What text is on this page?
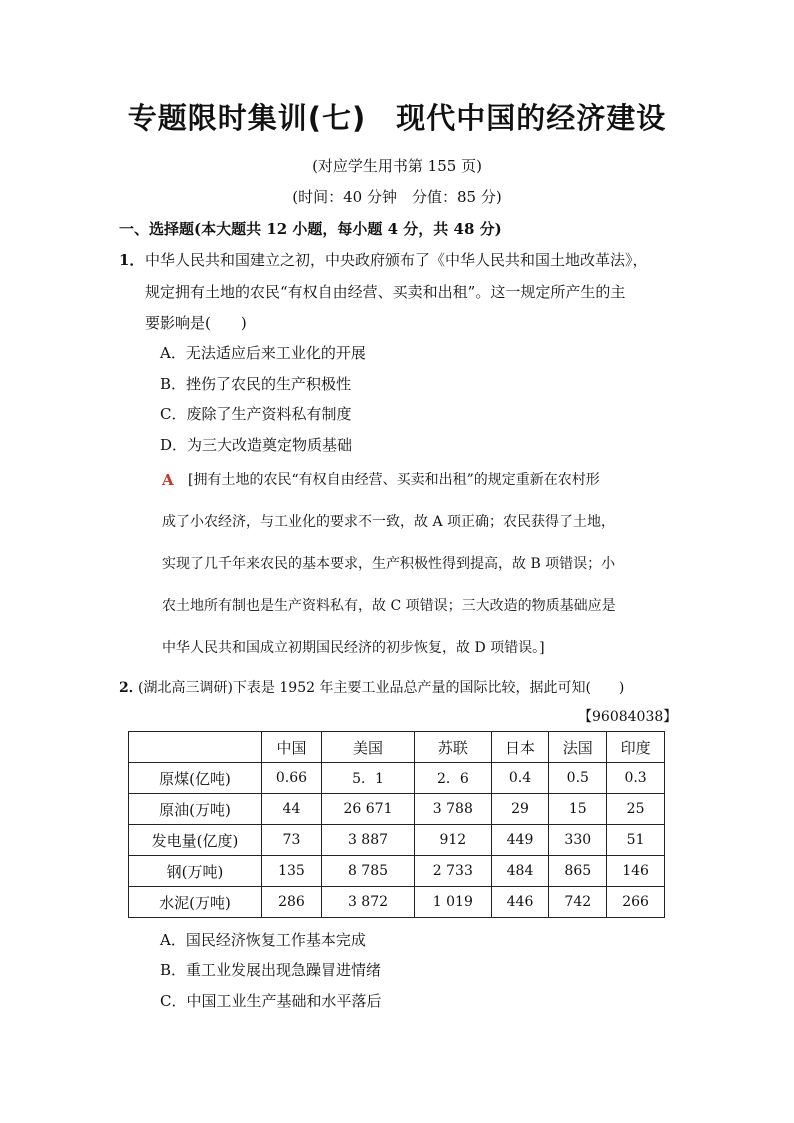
专题限时集训(七)　现代中国的经济建设
(对应学生用书第 155 页)
(时间：40 分钟　分值：85 分)
一、选择题(本大题共 12 小题，每小题 4 分，共 48 分)
1． 中华人民共和国建立之初，中央政府颁布了《中华人民共和国土地改革法》，
规定拥有土地的农民“有权自由经营、买卖和出租”。这一规定所产生的主
要影响是(　　)
A．无法适应后来工业化的开展
B．挫伤了农民的生产积极性
C．废除了生产资料私有制度
D．为三大改造奠定物质基础
A [拥有土地的农民“有权自由经营、买卖和出租”的规定重新在农村形
成了小农经济，与工业化的要求不一致，故 A 项正确；农民获得了土地，
实现了几千年来农民的基本要求，生产积极性得到提高，故 B 项错误；小
农土地所有制也是生产资料私有，故 C 项错误；三大改造的物质基础应是
中华人民共和国成立初期国民经济的初步恢复，故 D 项错误。]
2．
(湖北高三调研)下表是 1952 年主要工业品总产量的国际比较，据此可知(　　)
【96084038】
	中国	美国	苏联	日本	法国	印度
原煤(亿吨)	0.66	5．1	2．6	0.4	0.5	0.3
原油(万吨)	44	26 671	3 788	29	15	25
发电量(亿度)	73	3 887	912	449	330	51
钢(万吨)	135	8 785	2 733	484	865	146
水泥(万吨)	286	3 872	1 019	446	742	266
A．国民经济恢复工作基本完成
B．重工业发展出现急躁冒进情绪
C．中国工业生产基础和水平落后
